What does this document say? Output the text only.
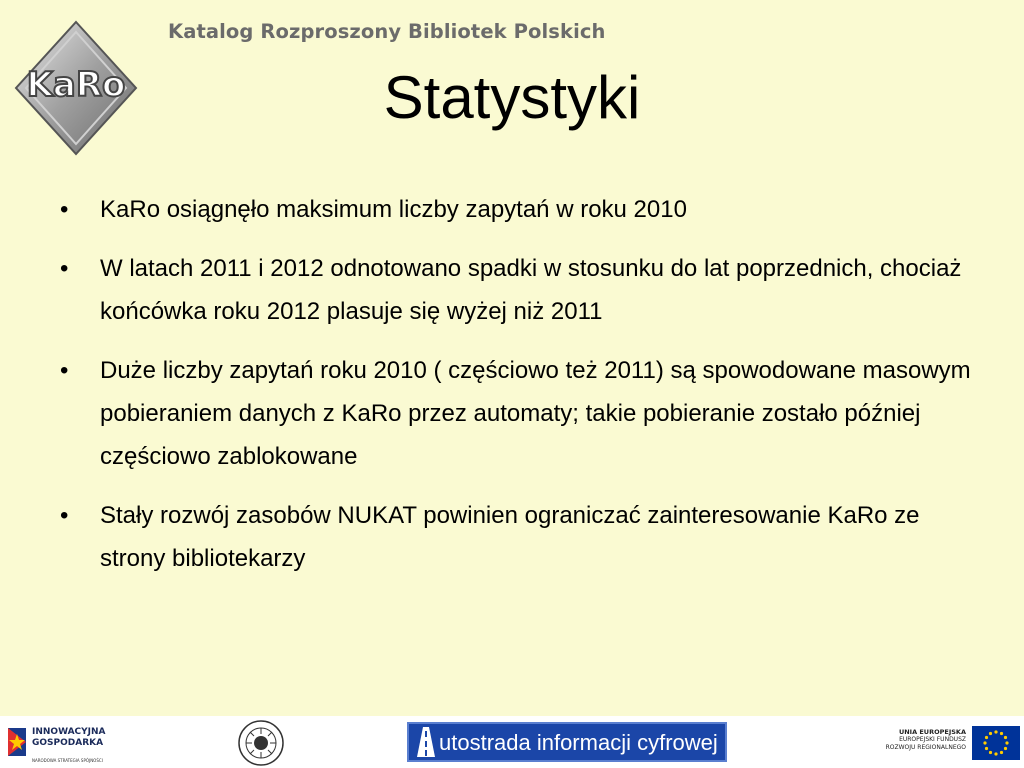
KaRo
Katalog Rozproszony Bibliotek Polskich
Statystyki
• KaRo osiągnęło maksimum liczby zapytań w roku 2010
• W latach 2011 i 2012 odnotowano spadki w stosunku do lat poprzednich, chociaż końcówka roku 2012 plasuje się wyżej niż 2011
• Duże liczby zapytań roku 2010 ( częściowo też 2011) są spowodowane masowym pobieraniem danych z KaRo przez automaty; takie pobieranie zostało później częściowo zablokowane
• Stały rozwój zasobów NUKAT powinien ograniczać zainteresowanie KaRo ze strony bibliotekarzy
INNOWACYJNA
GOSPODARKA
NARODOWA STRATEGIA SPÓJNOŚCI
utostrada informacji cyfrowej	UNIA EUROPEJSKA
EUROPEJSKI FUNDUSZ
ROZWOJU REGIONALNEGO
